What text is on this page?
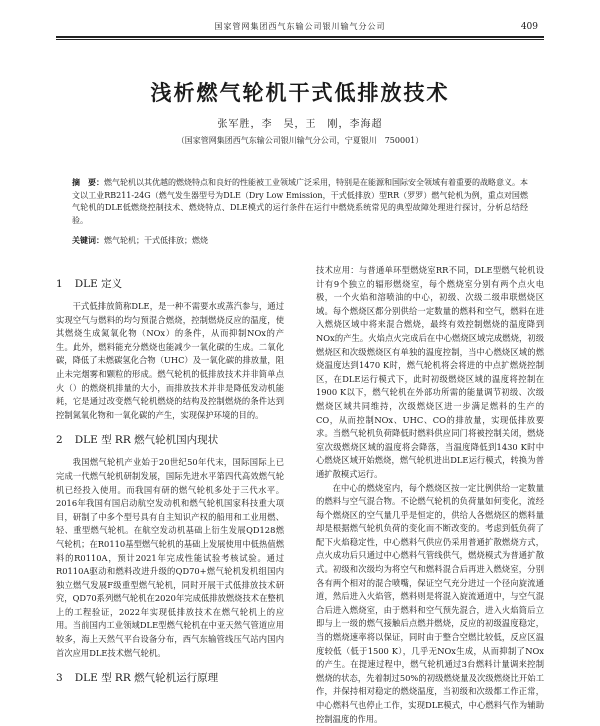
国家管网集团西气东输公司银川输气分公司	409
浅析燃气轮机干式低排放技术
张军胜，李　昊，王　刚，李海超
（国家管网集团西气东输公司银川输气分公司，宁夏银川　750001）
摘　要：燃气轮机以其优越的燃烧特点和良好的性能被工业领域广泛采用，特别是在能源和国际安全领域有着重要的战略意义。本文以工业RB211-24G（燃气发生器型号为DLE（Dry Low Emission，干式低排放）型RR（罗罗）燃气轮机为例，重点对国燃气轮机的DLE低燃烧控制技术、燃烧特点、DLE模式的运行条件在运行中燃烧系统常见的典型故障处理进行探讨，分析总结经验。
关键词：燃气轮机；干式低排放；燃烧
1 DLE 定义

干式低排放简称DLE，是一种不需要水或蒸汽参与，通过实现空气与燃料的均匀预混合燃烧，控制燃烧反应的温度，使其燃烧生成氮氧化物（NOx）的条件，从而抑制NOx的产生。此外，燃料能充分燃烧也能减少一氧化碳的生成。二氧化碳，降低了未燃碳氢化合物（UHC）及一氧化碳的排放量，阻止未完烟雾和颗粒的形成。燃气轮机的低排放技术并非简单点火（）的燃烧机排量的大小，而排放技术并非是降低发动机能耗，它是通过改变燃气轮机燃烧的结构及控制燃烧的条件达到控制氮氧化物和一氧化碳的产生，实现保护环境的目的。

2 DLE 型 RR 燃气轮机国内现状

我国燃气轮机产业始于20世纪50年代末，国际国际上已完成一代燃气轮机研制发展，国际先进水平第四代高效燃气轮机已经投入使用。而我国有研的燃气轮机多处于三代水平。2016年我国有国启动航空发动机和燃气轮机国家科技重大项目，研制了中多个型号具有自主知识产权的船用和工业用燃、轻、重型燃气轮机。在航空发动机基础上衍生发展QD128燃气轮机；在R0110基型燃气轮机的基础上发展使用中低热值燃料的R0110A，预计2021年完成性能试验考核试验。通过R0110A驱动和燃料改进升级的QD70+燃气轮机发机组国内独立燃气发展F级重型燃气轮机，同时开展干式低排放技术研究，QD70系列燃气轮机在2020年完成低排放燃烧技术在整机上的工程验证，2022年实现低排放技术在燃气轮机上的应用。当前国内工业领域DLE型燃气轮机在中亚天然气管道应用较多，海上天然气平台设备分布，西气东输管线压气站内国内首次应用DLE技术燃气轮机。

3 DLE 型 RR 燃气轮机运行原理

技术应用：与普通单环型燃烧室RR不同，DLE型燃气轮机设计有9个独立的辐形燃烧室，每个燃烧室分别有两个点火电极，一个火焰和溶喷油的中心，初级、次级二级串联燃烧区域。每个燃烧区都分别供给一定数量的燃料和空气，燃料在进入燃烧区域中将来混合燃烧，最终有效控制燃烧的温度降到NOx的产生。火焰点火完成后在中心燃烧区域完成燃烧，初级燃烧区和次级燃烧区有单独的温度控制，当中心燃烧区域的燃烧温度达到1470 K时，燃气轮机将会将进的中点扩燃烧控制区，在DLE运行模式下，此时初级燃烧区域的温度将控制在1900 K以下，燃气轮机在外部功所需的能量调节初级、次级燃烧区域共同维持，次级燃烧区进一步满足燃料的生产的CO，从而控制NOx、UHC、CO的排放量，实现低排放要求。当燃气轮机负荷降低时燃料供应同门将被控制关闭，燃烧室次级燃烧区域的温度将会降落，当温度降低到1430 K时中心燃烧区域开始燃烧，燃气轮机进出DLE运行模式，转换为普通扩散模式运行。

在中心的燃烧室内，每个燃烧区按一定比例供给一定数量的燃料与空气混合物。不论燃气轮机的负荷量如何变化，流经每个燃烧区的空气量几乎是恒定的，供给人各燃烧区的燃料量却是根据燃气轮机负荷的变化而不断改变的。考虑到低负荷了配下火焰稳定性，中心燃料气供应仍采用普通扩散燃烧方式，点火成功后只通过中心燃料气管线供气，燃烧模式为普通扩散式。初级和次级均为将空气和燃料混合后再进入燃烧室，分别各有两个相对的混合喷嘴，保证空气充分进过一个径向旋流通道，然后进入火焰管，燃料则是将混入旋流通道中，与空气混合后进入燃烧室，由于燃料和空气预先混合，进入火焰筒后立即与上一级的燃气接触后点燃并燃烧，反应的初级温度稳定，当的燃烧速率将以保证，同时由于整合空燃比较低，反应区温度较低（低于1500 K），几乎无NOx生成，从而抑制了NOx的产生。在提速过程中，燃气轮机通过3台燃料计量调来控制燃烧的状态，先着制过50%的初级燃烧量及次级燃烧比开始工作，并保持相对稳定的燃烧温度，当初级和次级都工作正常，中心燃料气也停止工作，实现DLE模式，中心燃料气作为辅助控制温度的作用。
